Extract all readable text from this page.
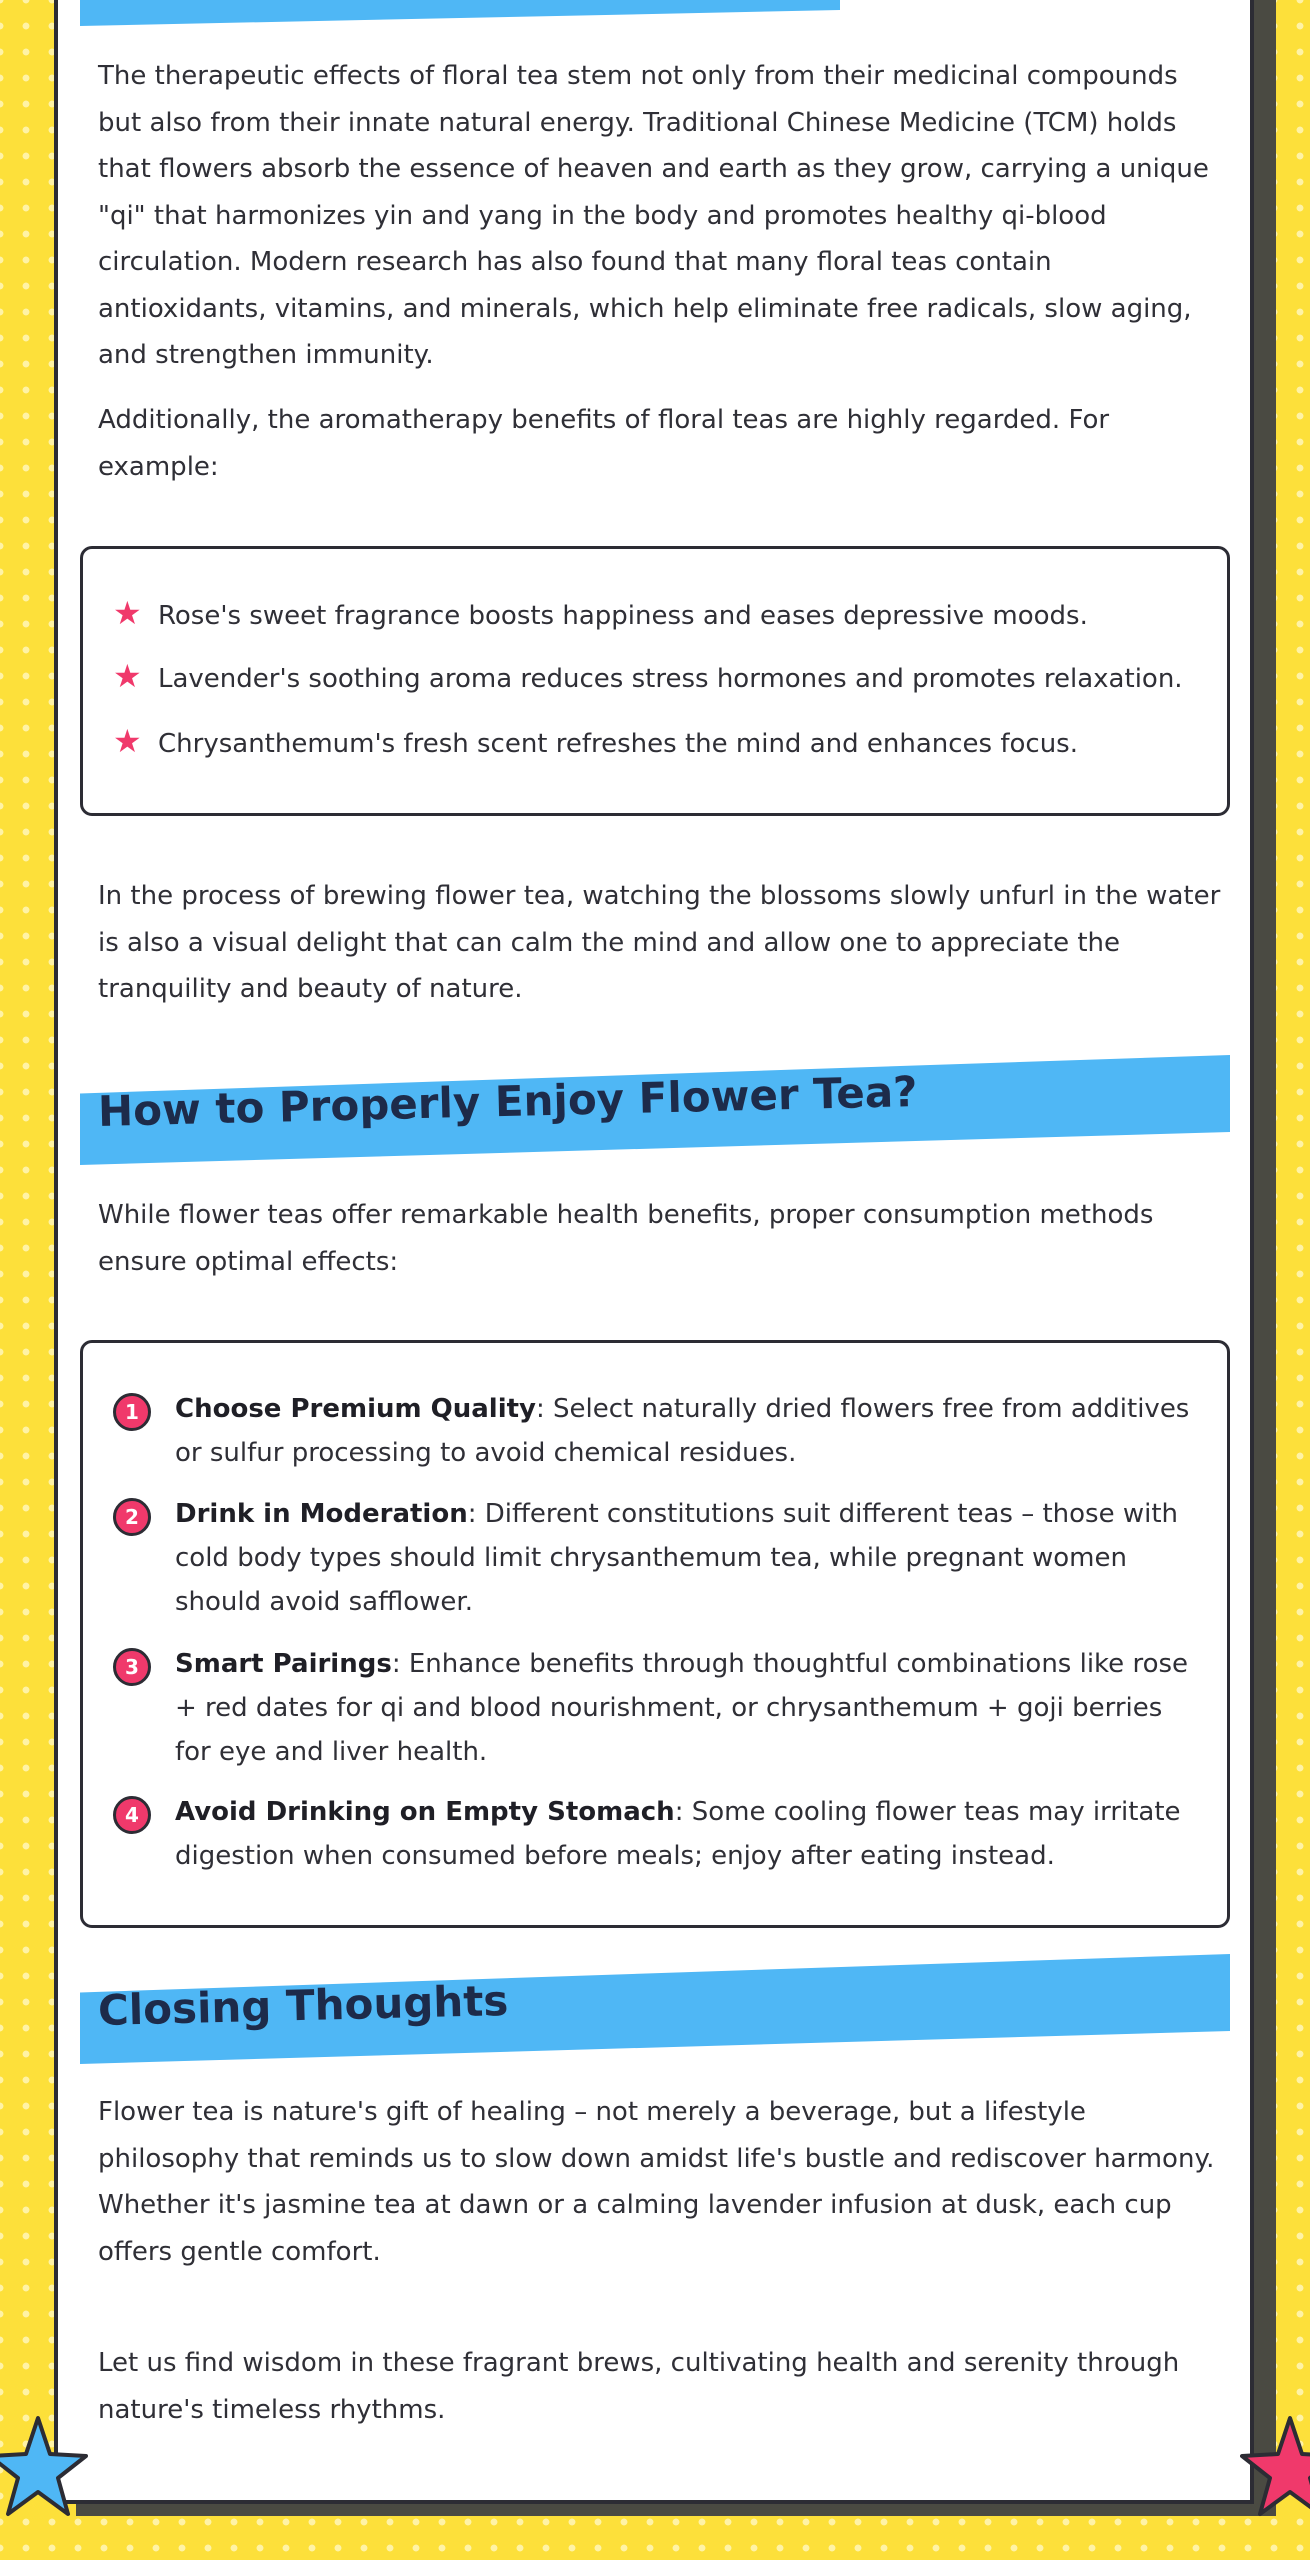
The therapeutic effects of floral tea stem not only from their medicinal compounds but also from their innate natural energy. Traditional Chinese Medicine (TCM) holds that flowers absorb the essence of heaven and earth as they grow, carrying a unique "qi" that harmonizes yin and yang in the body and promotes healthy qi-blood circulation. Modern research has also found that many floral teas contain antioxidants, vitamins, and minerals, which help eliminate free radicals, slow aging, and strengthen immunity.

Additionally, the aromatherapy benefits of floral teas are highly regarded. For example:

★ Rose's sweet fragrance boosts happiness and eases depressive moods.
★ Lavender's soothing aroma reduces stress hormones and promotes relaxation.
★ Chrysanthemum's fresh scent refreshes the mind and enhances focus.

In the process of brewing flower tea, watching the blossoms slowly unfurl in the water is also a visual delight that can calm the mind and allow one to appreciate the tranquility and beauty of nature.

How to Properly Enjoy Flower Tea?

While flower teas offer remarkable health benefits, proper consumption methods ensure optimal effects:

1	Choose Premium Quality: Select naturally dried flowers free from additives or sulfur processing to avoid chemical residues.
2	Drink in Moderation: Different constitutions suit different teas – those with cold body types should limit chrysanthemum tea, while pregnant women should avoid safflower.
3	Smart Pairings: Enhance benefits through thoughtful combinations like rose + red dates for qi and blood nourishment, or chrysanthemum + goji berries for eye and liver health.
4	Avoid Drinking on Empty Stomach: Some cooling flower teas may irritate digestion when consumed before meals; enjoy after eating instead.
Closing Thoughts

Flower tea is nature's gift of healing – not merely a beverage, but a lifestyle philosophy that reminds us to slow down amidst life's bustle and rediscover harmony. Whether it's jasmine tea at dawn or a calming lavender infusion at dusk, each cup offers gentle comfort.

Let us find wisdom in these fragrant brews, cultivating health and serenity through nature's timeless rhythms.
